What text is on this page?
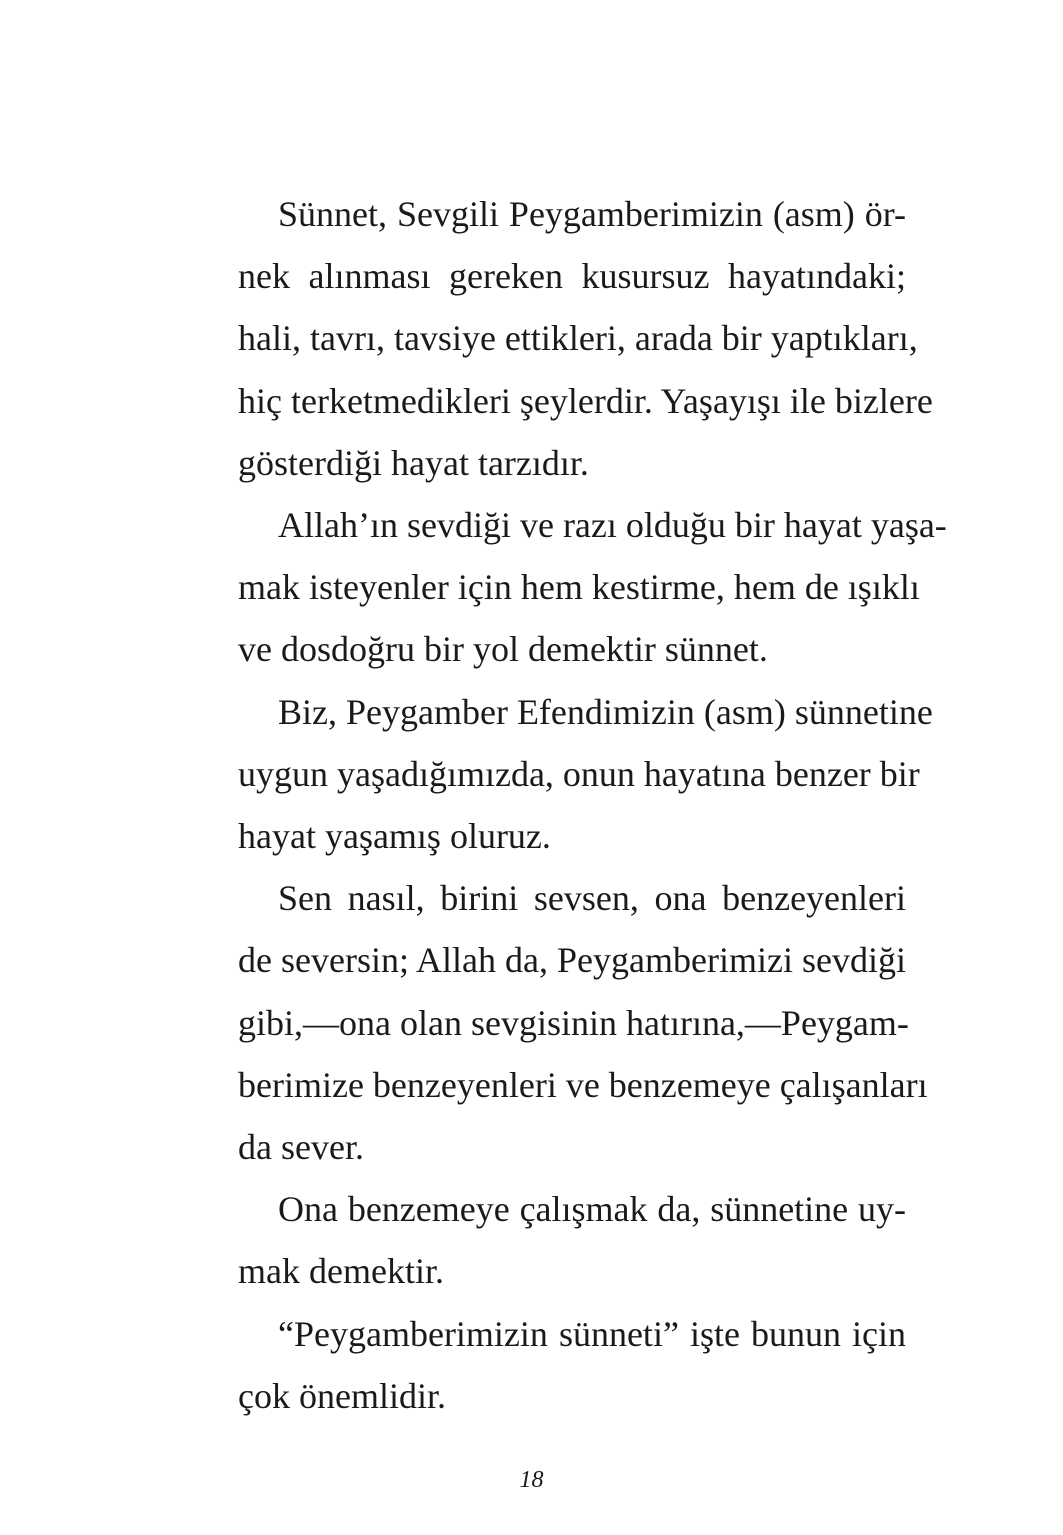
Sünnet, Sevgili Peygamberimizin (asm) ör-
nek alınması gereken kusursuz hayatındaki;
hali, tavrı, tavsiye ettikleri, arada bir yaptıkları,
hiç terketmedikleri şeylerdir. Yaşayışı ile bizlere
gösterdiği hayat tarzıdır.
Allah’ın sevdiği ve razı olduğu bir hayat yaşa-
mak isteyenler için hem kestirme, hem de ışıklı
ve dosdoğru bir yol demektir sünnet.
Biz, Peygamber Efendimizin (asm) sünnetine
uygun yaşadığımızda, onun hayatına benzer bir
hayat yaşamış oluruz.
Sen nasıl, birini sevsen, ona benzeyenleri
de seversin; Allah da, Peygamberimizi sevdiği
gibi,—ona olan sevgisinin hatırına,—Peygam-
berimize benzeyenleri ve benzemeye çalışanları
da sever.
Ona benzemeye çalışmak da, sünnetine uy-
mak demektir.
“Peygamberimizin sünneti” işte bunun için
çok önemlidir.
18
